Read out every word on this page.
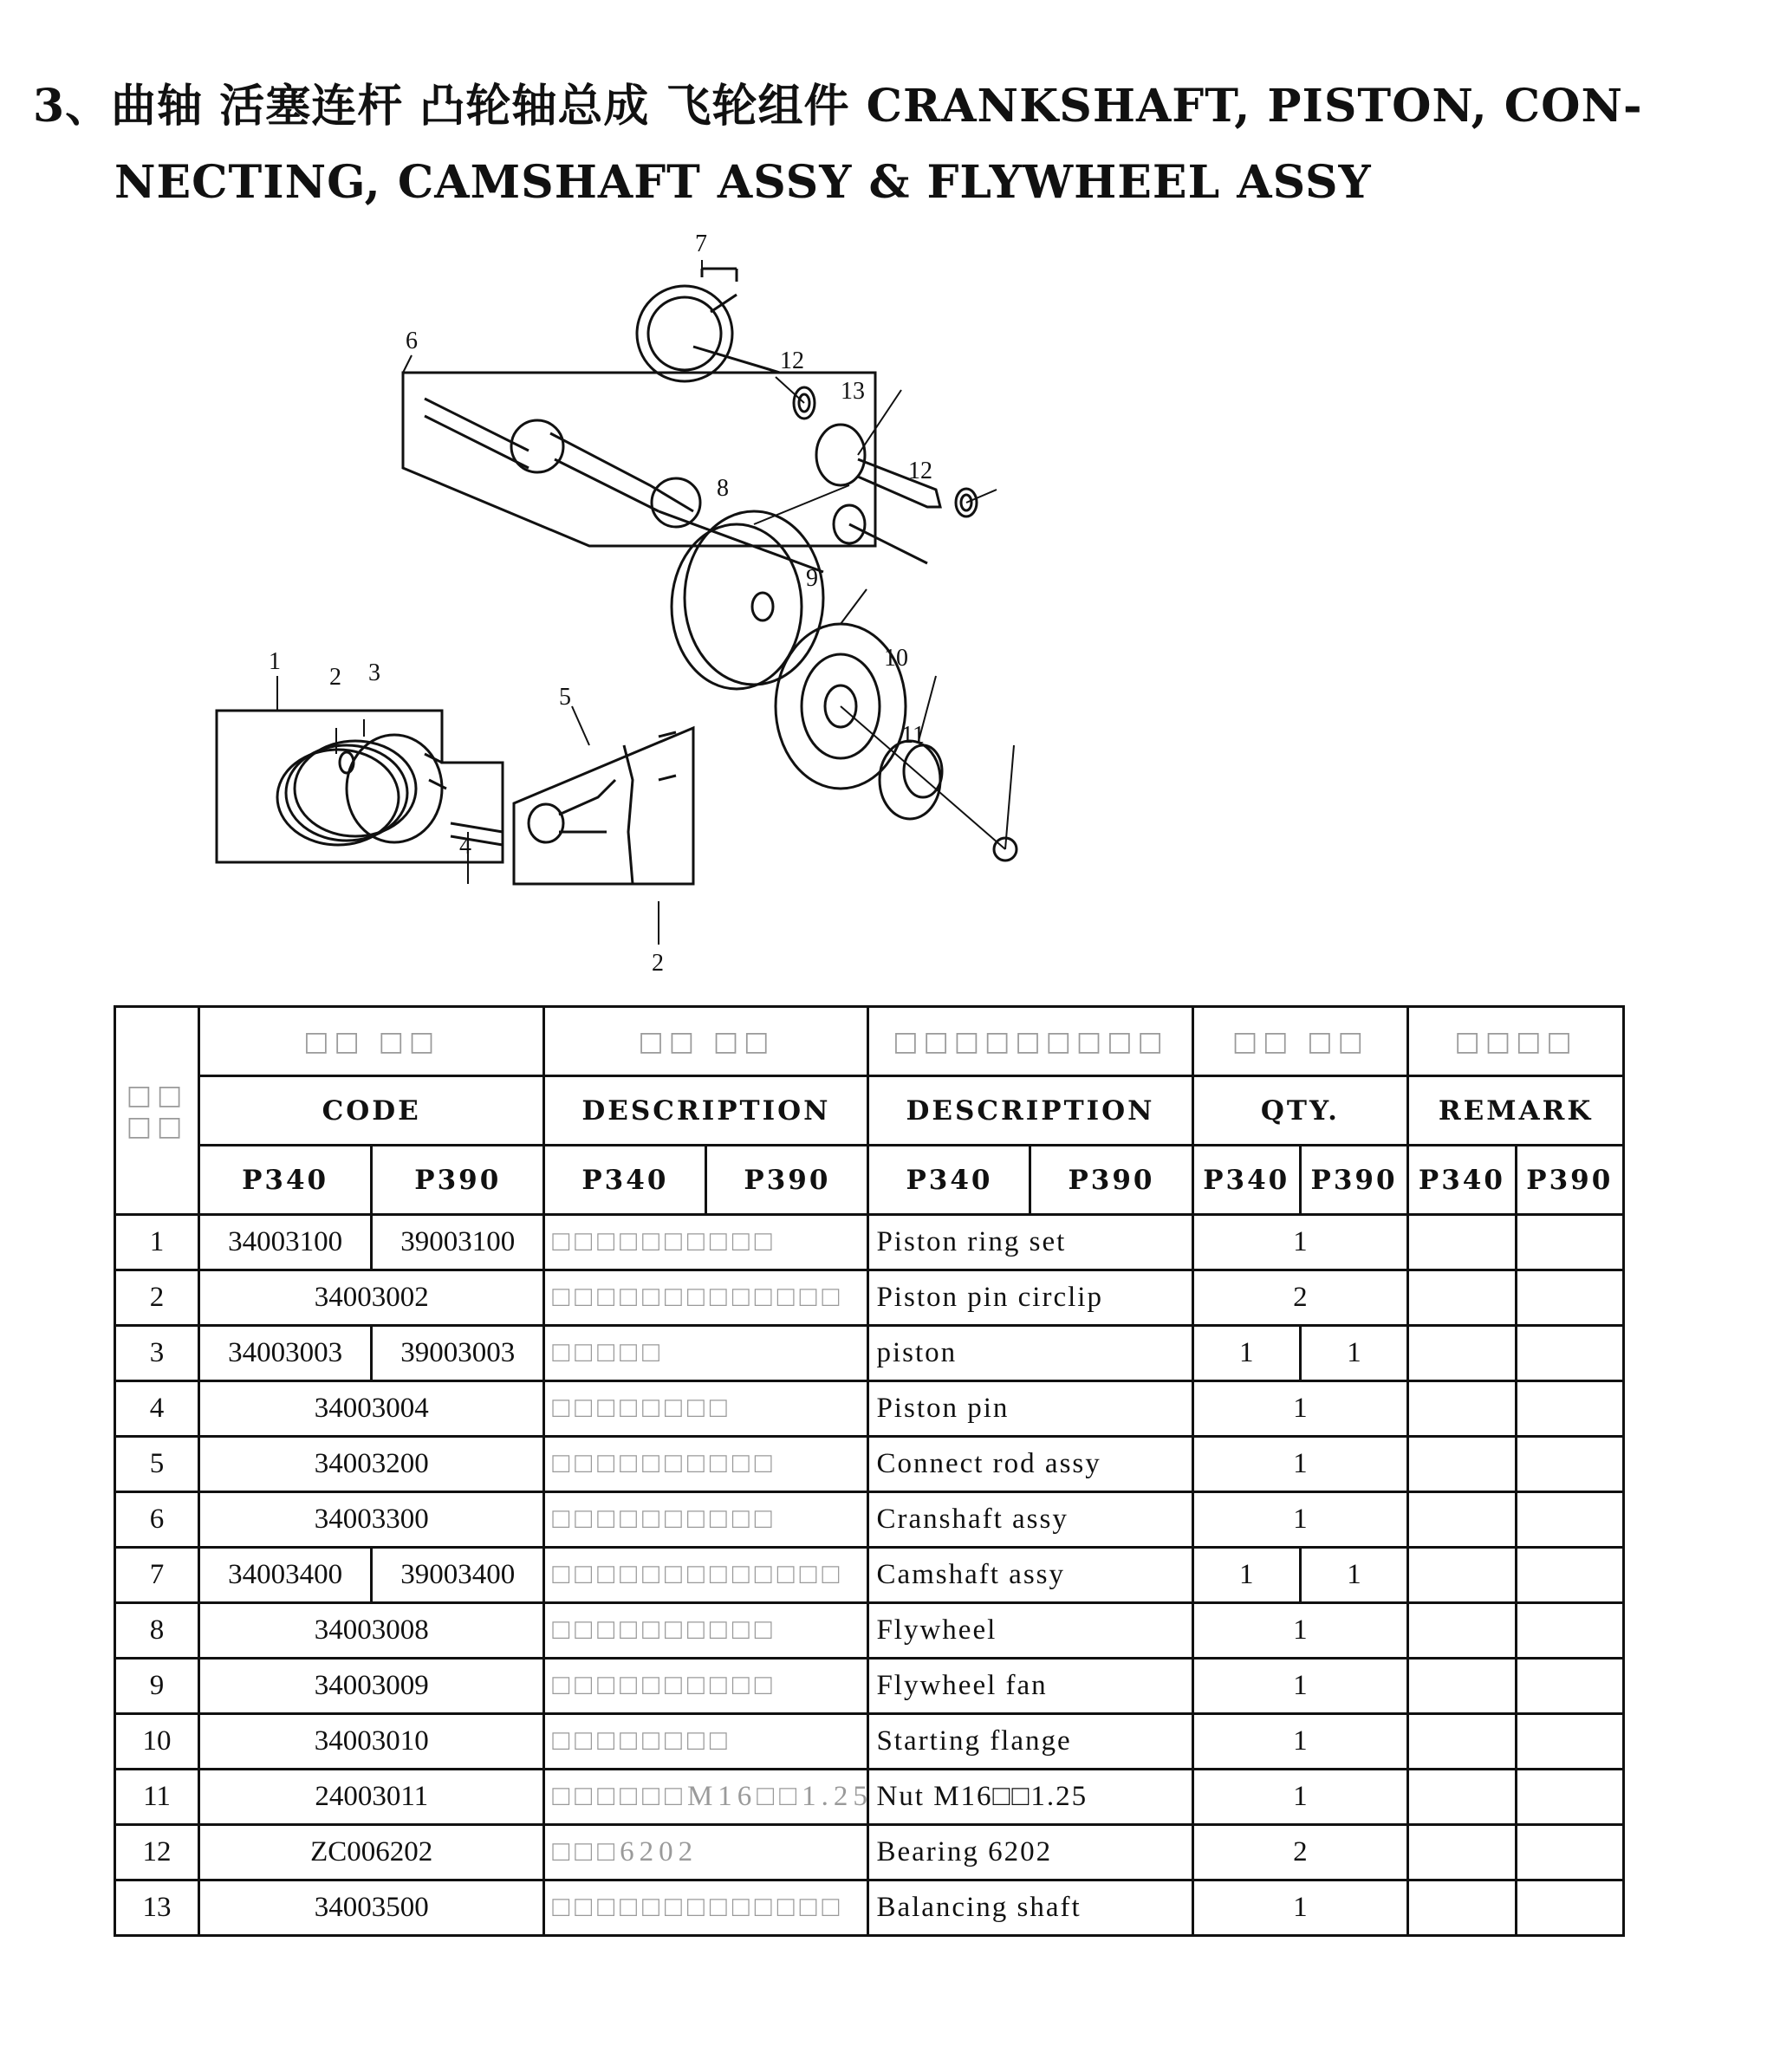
3、曲轴 活塞连杆 凸轮轴总成 飞轮组件 CRANKSHAFT, PISTON, CON-
NECTING, CAMSHAFT ASSY & FLYWHEEL ASSY
1
2 3
4
5
6
7
8
9
10
11
12
13
2
12
□□ □□	□□ □□		□□ □□		□□□□□□□□□		□□ □□		□□□□	
	CODE		DESCRIPTION		DESCRIPTION		QTY.		REMARK	
	P340	P390	P340	P390	P340	P390	P340	P390	P340	P390
1	34003100	39003100	□□□□□□□□□□		Piston ring set		1			
2	34003002		□□□□□□□□□□□□□		Piston pin circlip		2			
3	34003003	39003003	□□□□□		piston		1	1		
4	34003004		□□□□□□□□		Piston pin		1			
5	34003200		□□□□□□□□□□		Connect rod assy		1			
6	34003300		□□□□□□□□□□		Cranshaft assy		1			
7	34003400	39003400	□□□□□□□□□□□□□		Camshaft assy		1	1		
8	34003008		□□□□□□□□□□		Flywheel		1			
9	34003009		□□□□□□□□□□		Flywheel fan		1			
10	34003010		□□□□□□□□		Starting flange		1			
11	24003011		□□□□□□M16□□1.25		Nut M16□□1.25		1			
12	ZC006202		□□□6202		Bearing 6202		2			
13	34003500		□□□□□□□□□□□□□		Balancing shaft		1			
